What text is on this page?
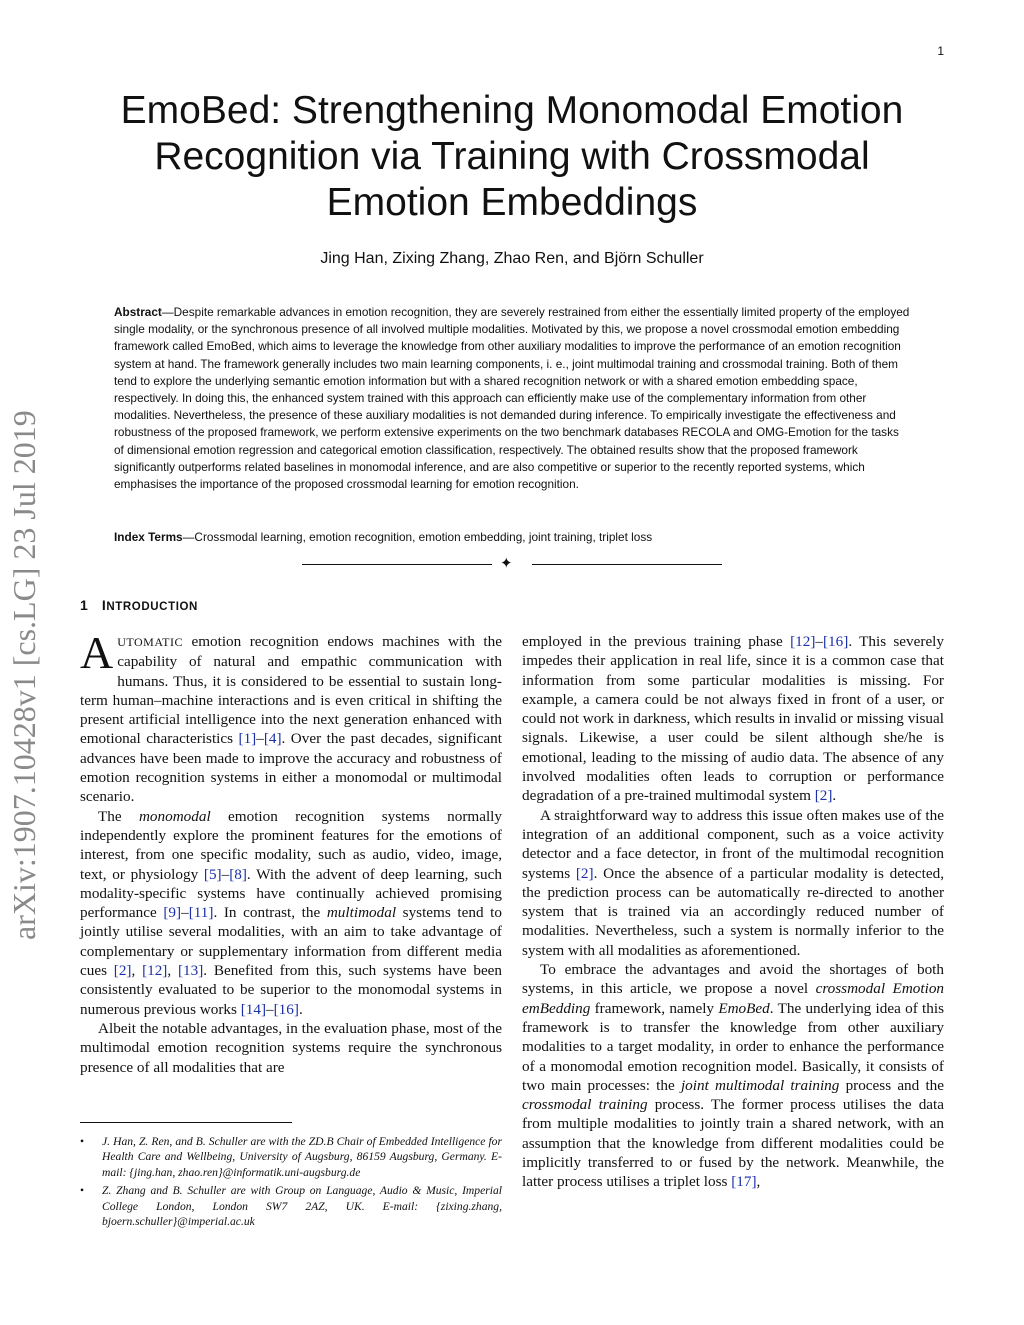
1
arXiv:1907.10428v1 [cs.LG] 23 Jul 2019
EmoBed: Strengthening Monomodal Emotion Recognition via Training with Crossmodal Emotion Embeddings
Jing Han, Zixing Zhang, Zhao Ren, and Björn Schuller
Abstract—Despite remarkable advances in emotion recognition, they are severely restrained from either the essentially limited property of the employed single modality, or the synchronous presence of all involved multiple modalities. Motivated by this, we propose a novel crossmodal emotion embedding framework called EmoBed, which aims to leverage the knowledge from other auxiliary modalities to improve the performance of an emotion recognition system at hand. The framework generally includes two main learning components, i. e., joint multimodal training and crossmodal training. Both of them tend to explore the underlying semantic emotion information but with a shared recognition network or with a shared emotion embedding space, respectively. In doing this, the enhanced system trained with this approach can efficiently make use of the complementary information from other modalities. Nevertheless, the presence of these auxiliary modalities is not demanded during inference. To empirically investigate the effectiveness and robustness of the proposed framework, we perform extensive experiments on the two benchmark databases RECOLA and OMG-Emotion for the tasks of dimensional emotion regression and categorical emotion classification, respectively. The obtained results show that the proposed framework significantly outperforms related baselines in monomodal inference, and are also competitive or superior to the recently reported systems, which emphasises the importance of the proposed crossmodal learning for emotion recognition.
Index Terms—Crossmodal learning, emotion recognition, emotion embedding, joint training, triplet loss
✦
1 INTRODUCTION

AUTOMATIC emotion recognition endows machines with the capability of natural and empathic communication with humans. Thus, it is considered to be essential to sustain long-term human–machine interactions and is even critical in shifting the present artificial intelligence into the next generation enhanced with emotional characteristics [1]–[4]. Over the past decades, significant advances have been made to improve the accuracy and robustness of emotion recognition systems in either a monomodal or multimodal scenario.

The monomodal emotion recognition systems normally independently explore the prominent features for the emotions of interest, from one specific modality, such as audio, video, image, text, or physiology [5]–[8]. With the advent of deep learning, such modality-specific systems have continually achieved promising performance [9]–[11]. In contrast, the multimodal systems tend to jointly utilise several modalities, with an aim to take advantage of complementary or supplementary information from different media cues [2], [12], [13]. Benefited from this, such systems have been consistently evaluated to be superior to the monomodal systems in numerous previous works [14]–[16].

Albeit the notable advantages, in the evaluation phase, most of the multimodal emotion recognition systems require the synchronous presence of all modalities that are

• J. Han, Z. Ren, and B. Schuller are with the ZD.B Chair of Embedded Intelligence for Health Care and Wellbeing, University of Augsburg, 86159 Augsburg, Germany. E-mail: {jing.han, zhao.ren}@informatik.uni-augsburg.de
• Z. Zhang and B. Schuller are with Group on Language, Audio & Music, Imperial College London, London SW7 2AZ, UK. E-mail: {zixing.zhang, bjoern.schuller}@imperial.ac.uk

employed in the previous training phase [12]–[16]. This severely impedes their application in real life, since it is a common case that information from some particular modalities is missing. For example, a camera could be not always fixed in front of a user, or could not work in darkness, which results in invalid or missing visual signals. Likewise, a user could be silent although she/he is emotional, leading to the missing of audio data. The absence of any involved modalities often leads to corruption or performance degradation of a pre-trained multimodal system [2].

A straightforward way to address this issue often makes use of the integration of an additional component, such as a voice activity detector and a face detector, in front of the multimodal recognition systems [2]. Once the absence of a particular modality is detected, the prediction process can be automatically re-directed to another system that is trained via an accordingly reduced number of modalities. Nevertheless, such a system is normally inferior to the system with all modalities as aforementioned.

To embrace the advantages and avoid the shortages of both systems, in this article, we propose a novel crossmodal Emotion emBedding framework, namely EmoBed. The underlying idea of this framework is to transfer the knowledge from other auxiliary modalities to a target modality, in order to enhance the performance of a monomodal emotion recognition model. Basically, it consists of two main processes: the joint multimodal training process and the crossmodal training process. The former process utilises the data from multiple modalities to jointly train a shared network, with an assumption that the knowledge from different modalities could be implicitly transferred to or fused by the network. Meanwhile, the latter process utilises a triplet loss [17],
